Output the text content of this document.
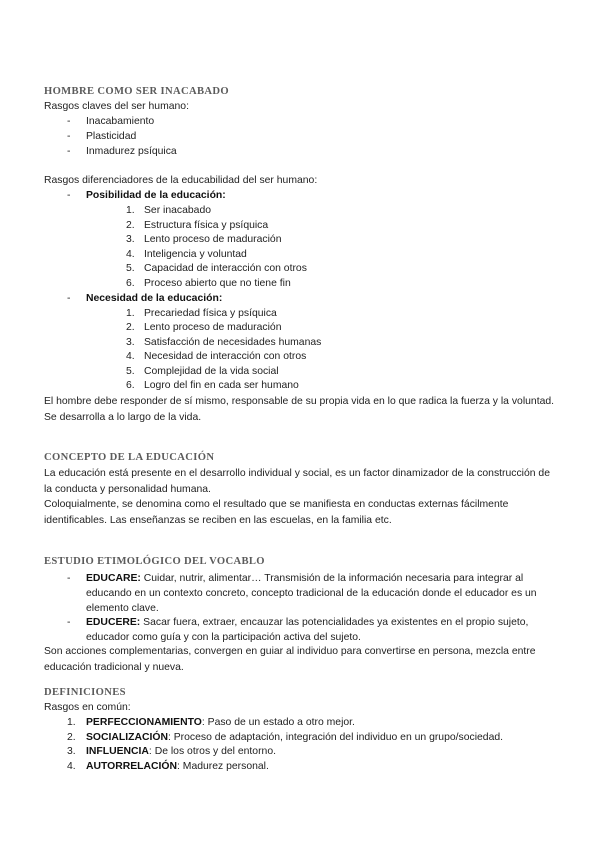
HOMBRE COMO SER INACABADO
Rasgos claves del ser humano:
- Inacabamiento
- Plasticidad
- Inmadurez psíquica
Rasgos diferenciadores de la educabilidad del ser humano:
- Posibilidad de la educación:
1. Ser inacabado
2. Estructura física y psíquica
3. Lento proceso de maduración
4. Inteligencia y voluntad
5. Capacidad de interacción con otros
6. Proceso abierto que no tiene fin
- Necesidad de la educación:
1. Precariedad física y psíquica
2. Lento proceso de maduración
3. Satisfacción de necesidades humanas
4. Necesidad de interacción con otros
5. Complejidad de la vida social
6. Logro del fin en cada ser humano
El hombre debe responder de sí mismo, responsable de su propia vida en lo que radica la fuerza y la voluntad. Se desarrolla a lo largo de la vida.
CONCEPTO DE LA EDUCACIÓN
La educación está presente en el desarrollo individual y social, es un factor dinamizador de la construcción de la conducta y personalidad humana.
Coloquialmente, se denomina como el resultado que se manifiesta en conductas externas fácilmente identificables. Las enseñanzas se reciben en las escuelas, en la familia etc.
ESTUDIO ETIMOLÓGICO DEL VOCABLO
- EDUCARE: Cuidar, nutrir, alimentar… Transmisión de la información necesaria para integrar al educando en un contexto concreto, concepto tradicional de la educación donde el educador es un elemento clave.
- EDUCERE: Sacar fuera, extraer, encauzar las potencialidades ya existentes en el propio sujeto, educador como guía y con la participación activa del sujeto.
Son acciones complementarias, convergen en guiar al individuo para convertirse en persona, mezcla entre educación tradicional y nueva.
DEFINICIONES
Rasgos en común:
1. PERFECCIONAMIENTO: Paso de un estado a otro mejor.
2. SOCIALIZACIÓN: Proceso de adaptación, integración del individuo en un grupo/sociedad.
3. INFLUENCIA: De los otros y del entorno.
4. AUTORRELACIÓN: Madurez personal.
